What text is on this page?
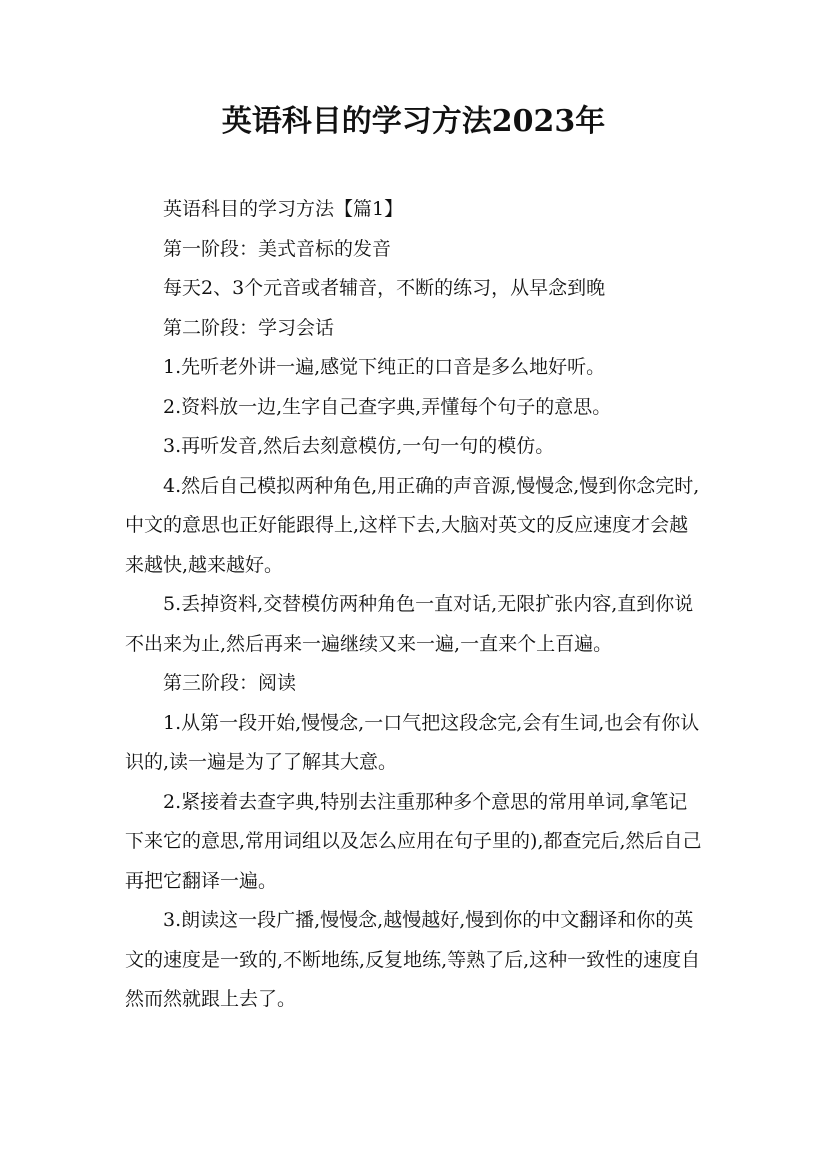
英语科目的学习方法2023年

英语科目的学习方法【篇1】

第一阶段：美式音标的发音

每天2、3个元音或者辅音，不断的练习，从早念到晚

第二阶段：学习会话

1.先听老外讲一遍,感觉下纯正的口音是多么地好听。

2.资料放一边,生字自己查字典,弄懂每个句子的意思。

3.再听发音,然后去刻意模仿,一句一句的模仿。

4.然后自己模拟两种角色,用正确的声音源,慢慢念,慢到你念完时,中文的意思也正好能跟得上,这样下去,大脑对英文的反应速度才会越来越快,越来越好。

5.丢掉资料,交替模仿两种角色一直对话,无限扩张内容,直到你说不出来为止,然后再来一遍继续又来一遍,一直来个上百遍。

第三阶段：阅读

1.从第一段开始,慢慢念,一口气把这段念完,会有生词,也会有你认识的,读一遍是为了了解其大意。

2.紧接着去查字典,特别去注重那种多个意思的常用单词,拿笔记下来它的意思,常用词组以及怎么应用在句子里的),都查完后,然后自己再把它翻译一遍。

3.朗读这一段广播,慢慢念,越慢越好,慢到你的中文翻译和你的英文的速度是一致的,不断地练,反复地练,等熟了后,这种一致性的速度自然而然就跟上去了。
